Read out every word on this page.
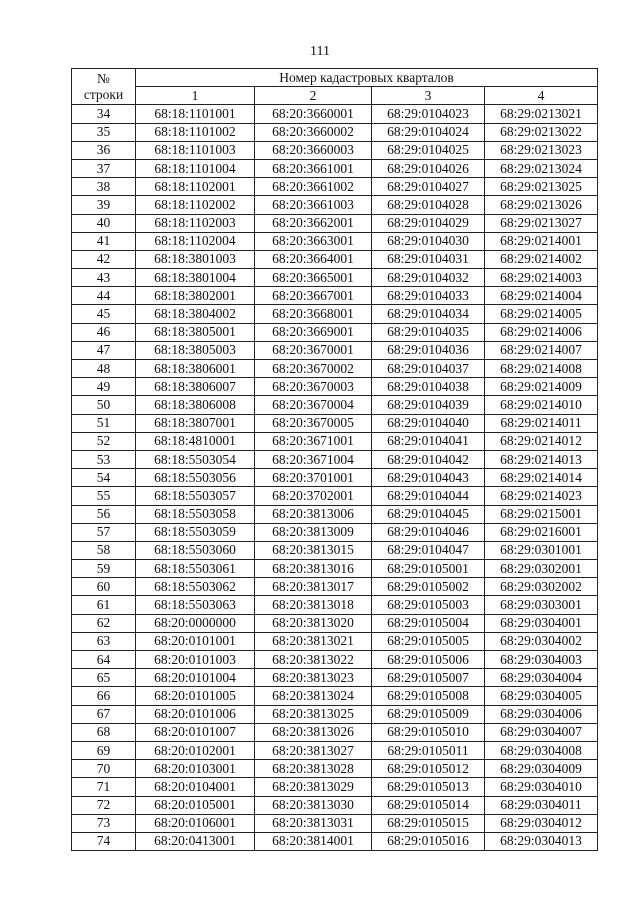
111
№
строки	Номер кадастровых кварталов			
	1	2	3	4
34	68:18:1101001	68:20:3660001	68:29:0104023	68:29:0213021
35	68:18:1101002	68:20:3660002	68:29:0104024	68:29:0213022
36	68:18:1101003	68:20:3660003	68:29:0104025	68:29:0213023
37	68:18:1101004	68:20:3661001	68:29:0104026	68:29:0213024
38	68:18:1102001	68:20:3661002	68:29:0104027	68:29:0213025
39	68:18:1102002	68:20:3661003	68:29:0104028	68:29:0213026
40	68:18:1102003	68:20:3662001	68:29:0104029	68:29:0213027
41	68:18:1102004	68:20:3663001	68:29:0104030	68:29:0214001
42	68:18:3801003	68:20:3664001	68:29:0104031	68:29:0214002
43	68:18:3801004	68:20:3665001	68:29:0104032	68:29:0214003
44	68:18:3802001	68:20:3667001	68:29:0104033	68:29:0214004
45	68:18:3804002	68:20:3668001	68:29:0104034	68:29:0214005
46	68:18:3805001	68:20:3669001	68:29:0104035	68:29:0214006
47	68:18:3805003	68:20:3670001	68:29:0104036	68:29:0214007
48	68:18:3806001	68:20:3670002	68:29:0104037	68:29:0214008
49	68:18:3806007	68:20:3670003	68:29:0104038	68:29:0214009
50	68:18:3806008	68:20:3670004	68:29:0104039	68:29:0214010
51	68:18:3807001	68:20:3670005	68:29:0104040	68:29:0214011
52	68:18:4810001	68:20:3671001	68:29:0104041	68:29:0214012
53	68:18:5503054	68:20:3671004	68:29:0104042	68:29:0214013
54	68:18:5503056	68:20:3701001	68:29:0104043	68:29:0214014
55	68:18:5503057	68:20:3702001	68:29:0104044	68:29:0214023
56	68:18:5503058	68:20:3813006	68:29:0104045	68:29:0215001
57	68:18:5503059	68:20:3813009	68:29:0104046	68:29:0216001
58	68:18:5503060	68:20:3813015	68:29:0104047	68:29:0301001
59	68:18:5503061	68:20:3813016	68:29:0105001	68:29:0302001
60	68:18:5503062	68:20:3813017	68:29:0105002	68:29:0302002
61	68:18:5503063	68:20:3813018	68:29:0105003	68:29:0303001
62	68:20:0000000	68:20:3813020	68:29:0105004	68:29:0304001
63	68:20:0101001	68:20:3813021	68:29:0105005	68:29:0304002
64	68:20:0101003	68:20:3813022	68:29:0105006	68:29:0304003
65	68:20:0101004	68:20:3813023	68:29:0105007	68:29:0304004
66	68:20:0101005	68:20:3813024	68:29:0105008	68:29:0304005
67	68:20:0101006	68:20:3813025	68:29:0105009	68:29:0304006
68	68:20:0101007	68:20:3813026	68:29:0105010	68:29:0304007
69	68:20:0102001	68:20:3813027	68:29:0105011	68:29:0304008
70	68:20:0103001	68:20:3813028	68:29:0105012	68:29:0304009
71	68:20:0104001	68:20:3813029	68:29:0105013	68:29:0304010
72	68:20:0105001	68:20:3813030	68:29:0105014	68:29:0304011
73	68:20:0106001	68:20:3813031	68:29:0105015	68:29:0304012
74	68:20:0413001	68:20:3814001	68:29:0105016	68:29:0304013
